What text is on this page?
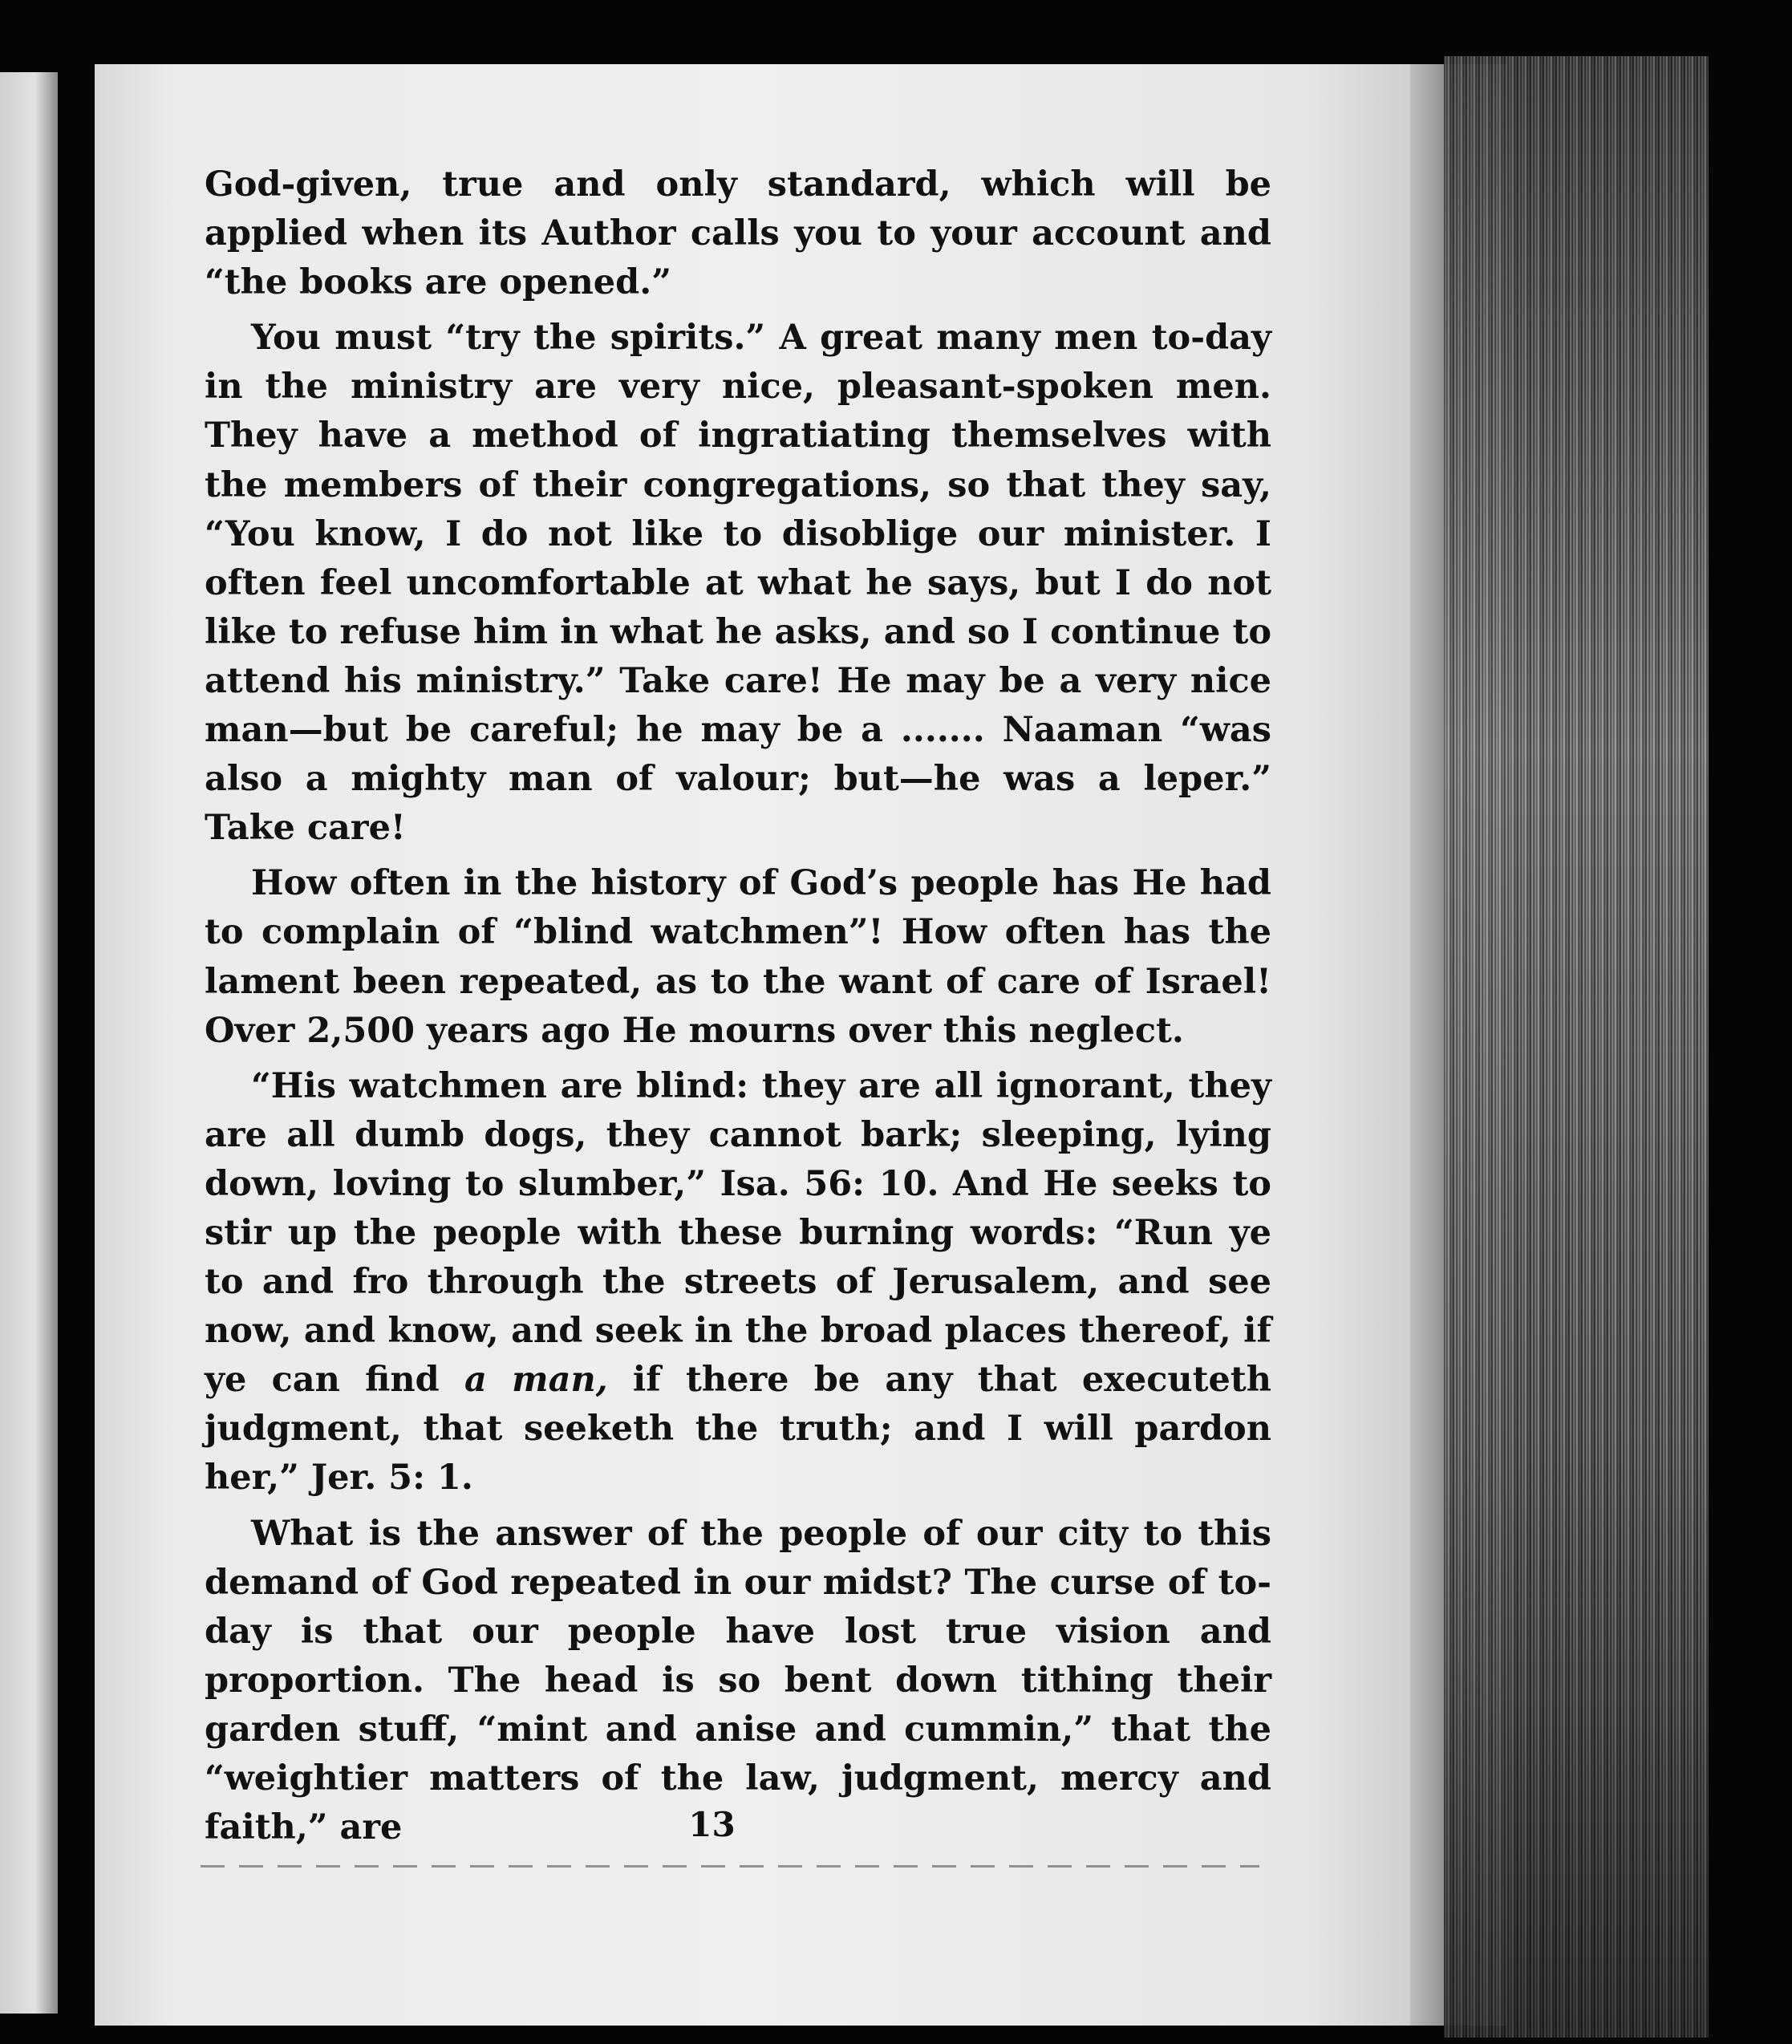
God-given, true and only standard, which will be applied when its Author calls you to your account and “the books are opened.”

You must “try the spirits.” A great many men to-day in the ministry are very nice, pleasant-spoken men. They have a method of ingratiating themselves with the members of their congregations, so that they say, “You know, I do not like to disoblige our minister. I often feel uncomfortable at what he says, but I do not like to refuse him in what he asks, and so I continue to attend his ministry.” Take care! He may be a very nice man—but be careful; he may be a ....... Naaman “was also a mighty man of valour; but—he was a leper.” Take care!

How often in the history of God’s people has He had to complain of “blind watchmen”! How often has the lament been repeated, as to the want of care of Israel! Over 2,500 years ago He mourns over this neglect.

“His watchmen are blind: they are all ignorant, they are all dumb dogs, they cannot bark; sleeping, lying down, loving to slumber,” Isa. 56: 10. And He seeks to stir up the people with these burning words: “Run ye to and fro through the streets of Jerusalem, and see now, and know, and seek in the broad places thereof, if ye can find a man, if there be any that executeth judgment, that seeketh the truth; and I will pardon her,” Jer. 5: 1.

What is the answer of the people of our city to this demand of God repeated in our midst? The curse of to-day is that our people have lost true vision and proportion. The head is so bent down tithing their garden stuff, “mint and anise and cummin,” that the “weightier matters of the law, judgment, mercy and faith,” are	13
